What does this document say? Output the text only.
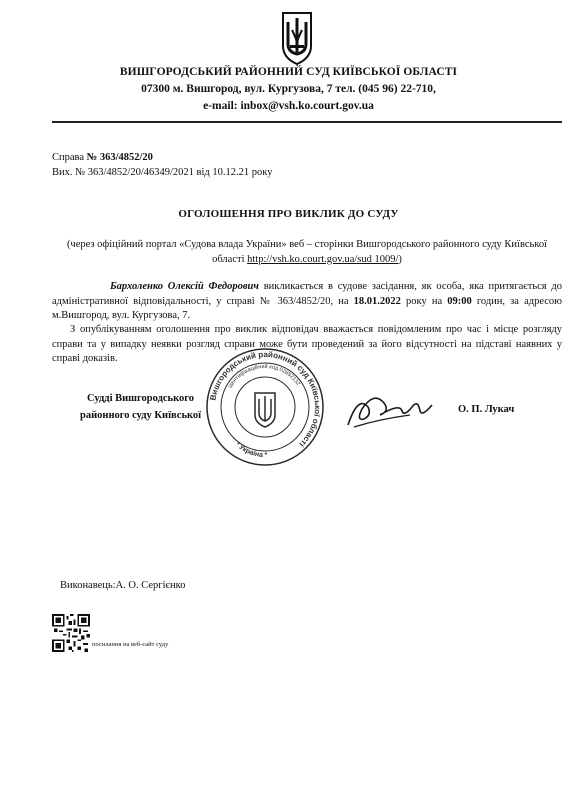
ВИШГОРОДСЬКИЙ РАЙОННИЙ СУД КИЇВСЬКОЇ ОБЛАСТІ
07300 м. Вишгород, вул. Кургузова, 7 тел. (045 96) 22-710,
e-mail: inbox@vsh.ko.court.gov.ua
Справа № 363/4852/20
Вих. № 363/4852/20/46349/2021 від 10.12.21 року
ОГОЛОШЕННЯ ПРО ВИКЛИК ДО СУДУ
(через офіційний портал «Судова влада України» веб – сторінки Вишгородського районного суду Київської області http://vsh.ko.court.gov.ua/sud 1009/)
Бархоленко Олексій Федорович викликається в судове засідання, як особа, яка притягається до адміністративної відповідальності, у справі № 363/4852/20, на 18.01.2022 року на 09:00 годин, за адресою м.Вишгород, вул. Кургузова, 7.
З опублікуванням оголошення про виклик відповідач вважається повідомленим про час і місце розгляду справи та у випадку неявки розгляд справи може бути проведений за його відсутності на підставі наявних у справі доказів.
Вишгородський районний суд Київської області
ідентифікаційний код 02892132
* Україна *
Судді Вишгородського
районного суду Київської
О. П. Лукач
Виконавець:А. О. Сергієнко
посилання на веб-сайт суду
